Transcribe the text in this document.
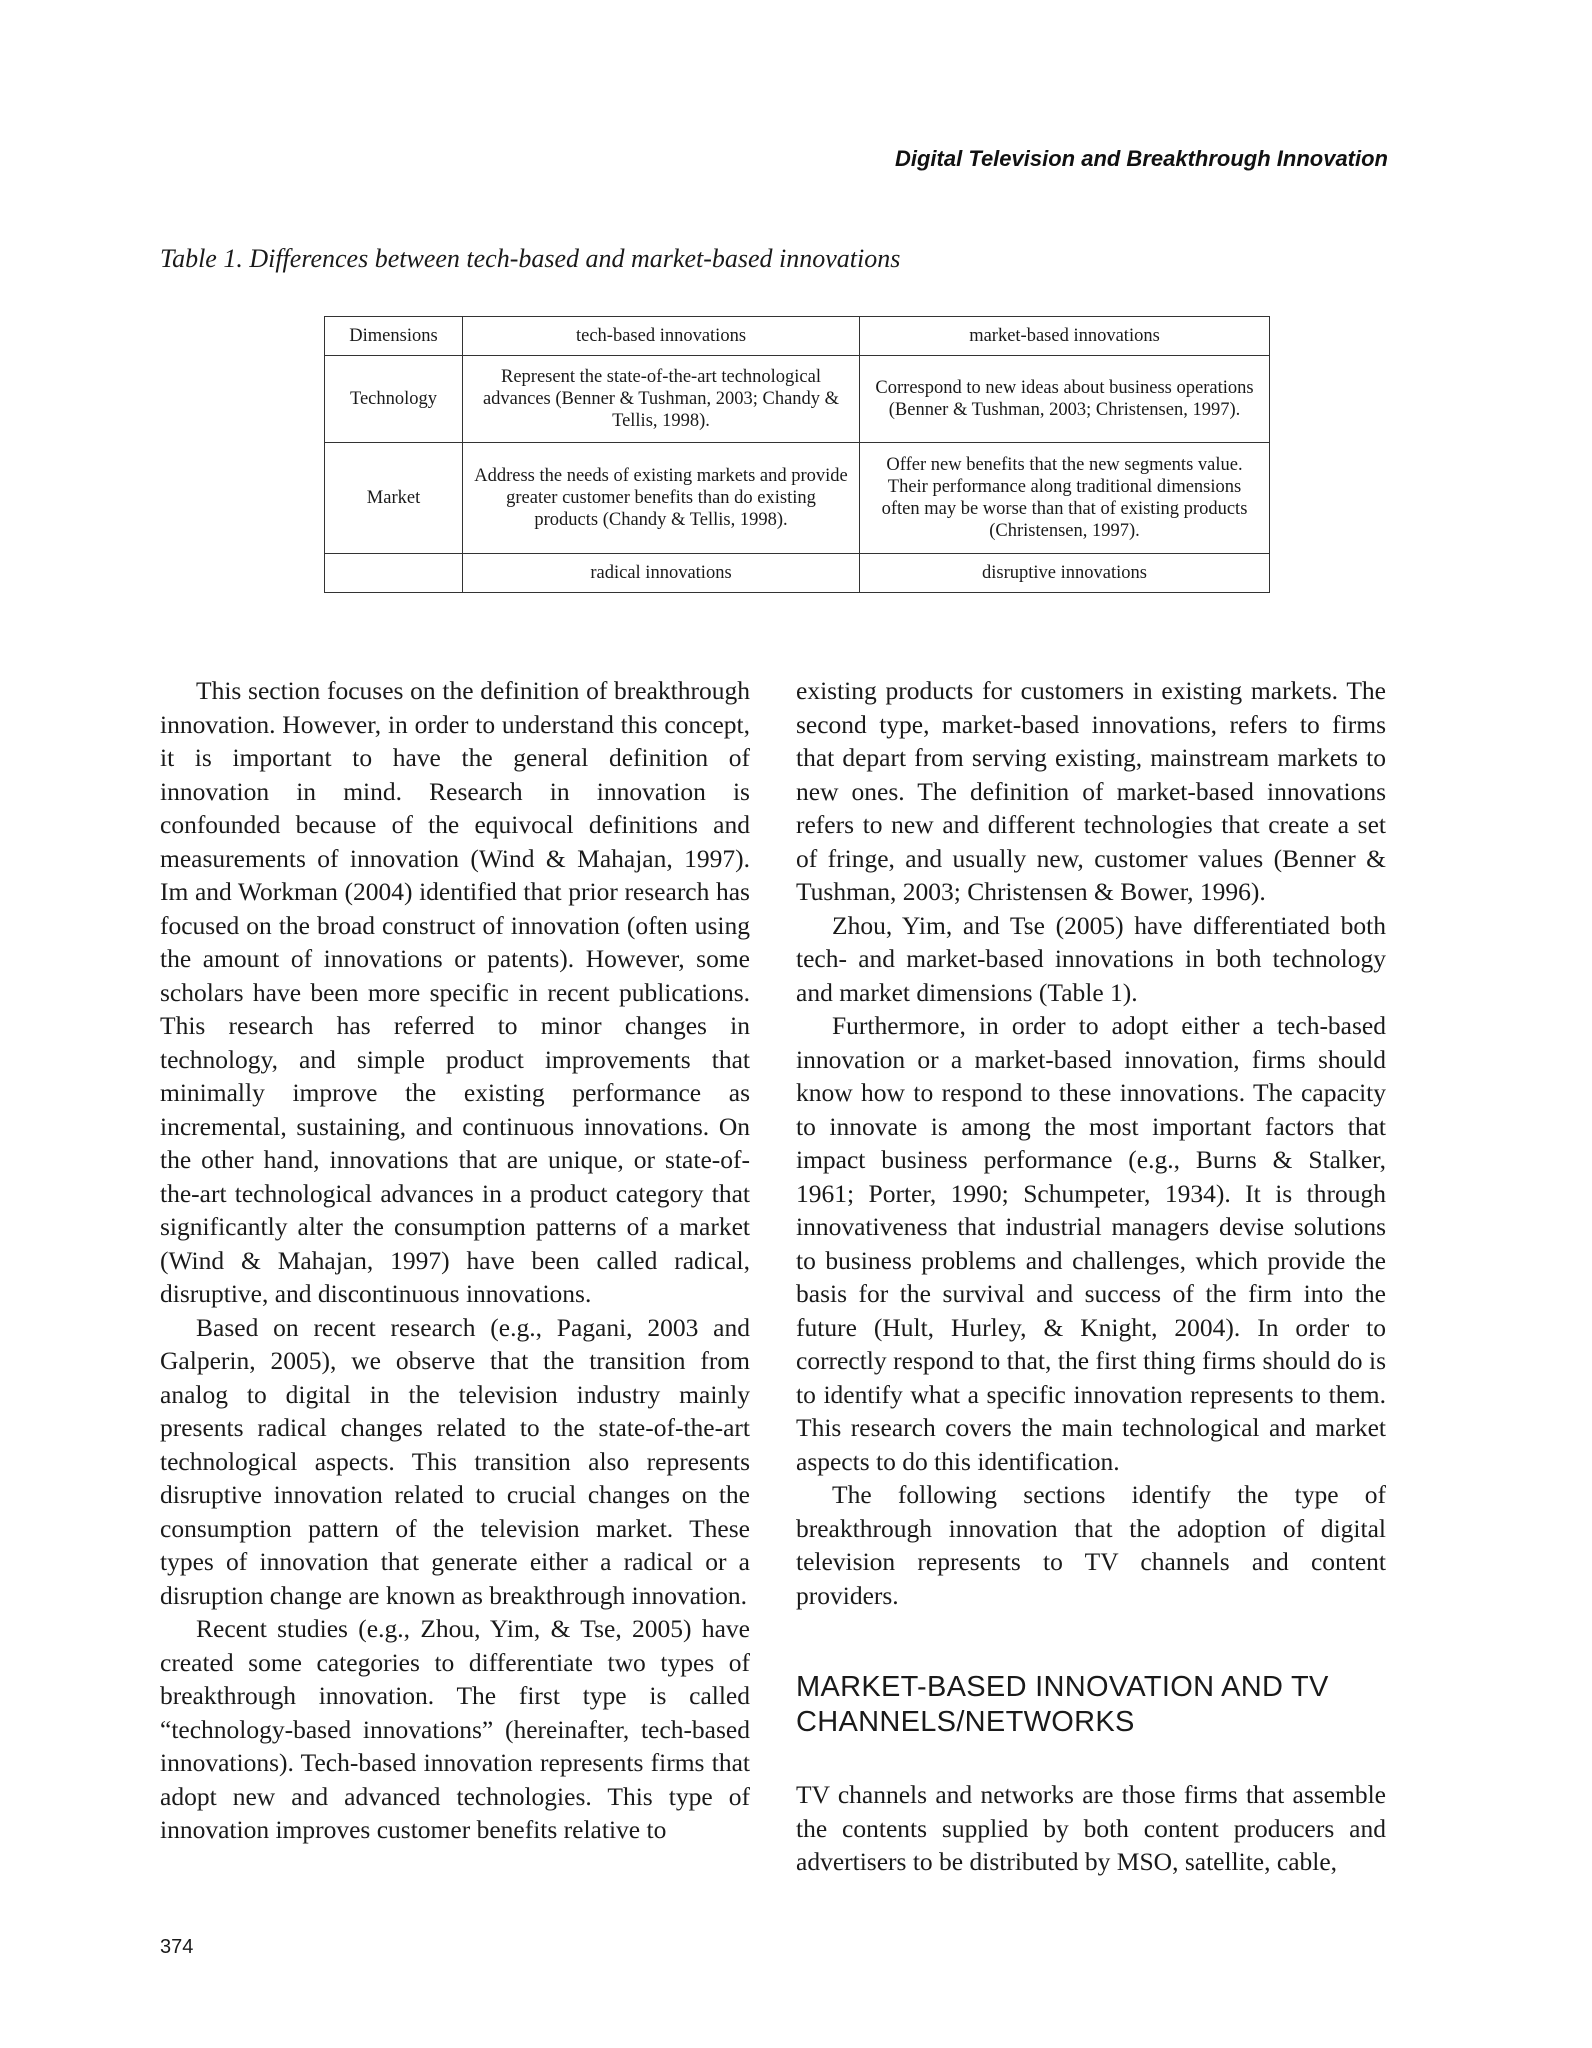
Digital Television and Breakthrough Innovation
Table 1. Differences between tech-based and market-based innovations
Dimensions	tech-based innovations	market-based innovations
Technology	Represent the state-of-the-art technological advances (Benner & Tushman, 2003; Chandy & Tellis, 1998).	Correspond to new ideas about business operations (Benner & Tushman, 2003; Christensen, 1997).
Market	Address the needs of existing markets and provide greater customer benefits than do existing products (Chandy & Tellis, 1998).	Offer new benefits that the new segments value. Their performance along traditional dimensions often may be worse than that of existing products (Christensen, 1997).
	radical innovations	disruptive innovations

This section focuses on the definition of breakthrough innovation. However, in order to understand this concept, it is important to have the general definition of innovation in mind. Research in innovation is confounded because of the equivocal definitions and measurements of innovation (Wind & Mahajan, 1997). Im and Workman (2004) identified that prior research has focused on the broad construct of innovation (often using the amount of innovations or patents). However, some scholars have been more specific in recent publications. This research has referred to minor changes in technology, and simple product improvements that minimally improve the existing performance as incremental, sustaining, and continuous innovations. On the other hand, innovations that are unique, or state-of-the-art technological advances in a product category that significantly alter the consumption patterns of a market (Wind & Mahajan, 1997) have been called radical, disruptive, and discontinuous innovations.

Based on recent research (e.g., Pagani, 2003 and Galperin, 2005), we observe that the transition from analog to digital in the television industry mainly presents radical changes related to the state-of-the-art technological aspects. This transition also represents disruptive innovation related to crucial changes on the consumption pattern of the television market. These types of innovation that generate either a radical or a disruption change are known as breakthrough innovation.

Recent studies (e.g., Zhou, Yim, & Tse, 2005) have created some categories to differentiate two types of breakthrough innovation. The first type is called “technology-based innovations” (hereinafter, tech-based innovations). Tech-based innovation represents firms that adopt new and advanced technologies. This type of innovation improves customer benefits relative to

existing products for customers in existing markets. The second type, market-based innovations, refers to firms that depart from serving existing, mainstream markets to new ones. The definition of market-based innovations refers to new and different technologies that create a set of fringe, and usually new, customer values (Benner & Tushman, 2003; Christensen & Bower, 1996).

Zhou, Yim, and Tse (2005) have differentiated both tech- and market-based innovations in both technology and market dimensions (Table 1).

Furthermore, in order to adopt either a tech-based innovation or a market-based innovation, firms should know how to respond to these innovations. The capacity to innovate is among the most important factors that impact business performance (e.g., Burns & Stalker, 1961; Porter, 1990; Schumpeter, 1934). It is through innovativeness that industrial managers devise solutions to business problems and challenges, which provide the basis for the survival and success of the firm into the future (Hult, Hurley, & Knight, 2004). In order to correctly respond to that, the first thing firms should do is to identify what a specific innovation represents to them. This research covers the main technological and market aspects to do this identification.

The following sections identify the type of breakthrough innovation that the adoption of digital television represents to TV channels and content providers.

MARKET-BASED INNOVATION AND TV CHANNELS/NETWORKS

TV channels and networks are those firms that assemble the contents supplied by both content producers and advertisers to be distributed by MSO, satellite, cable,

374
